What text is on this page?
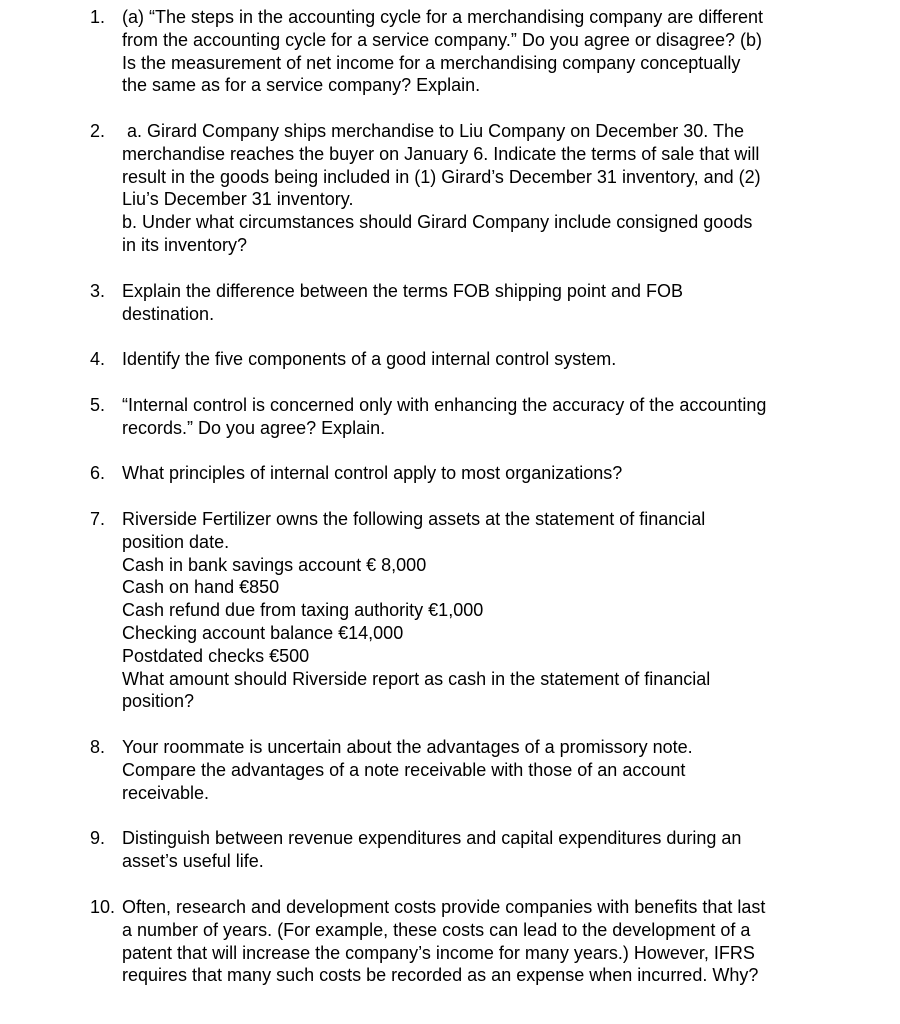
1. (a) “The steps in the accounting cycle for a merchandising company are different
from the accounting cycle for a service company.” Do you agree or disagree? (b)
Is the measurement of net income for a merchandising company conceptually
the same as for a service company? Explain.
2. a. Girard Company ships merchandise to Liu Company on December 30. The
merchandise reaches the buyer on January 6. Indicate the terms of sale that will
result in the goods being included in (1) Girard’s December 31 inventory, and (2)
Liu’s December 31 inventory.
b. Under what circumstances should Girard Company include consigned goods
in its inventory?
3. Explain the difference between the terms FOB shipping point and FOB
destination.
4. Identify the five components of a good internal control system.
5. “Internal control is concerned only with enhancing the accuracy of the accounting
records.” Do you agree? Explain.
6. What principles of internal control apply to most organizations?
7. Riverside Fertilizer owns the following assets at the statement of financial
position date.
Cash in bank savings account € 8,000
Cash on hand €850
Cash refund due from taxing authority €1,000
Checking account balance €14,000
Postdated checks €500
What amount should Riverside report as cash in the statement of financial
position?
8. Your roommate is uncertain about the advantages of a promissory note.
Compare the advantages of a note receivable with those of an account
receivable.
9. Distinguish between revenue expenditures and capital expenditures during an
asset’s useful life.
10. Often, research and development costs provide companies with benefits that last
a number of years. (For example, these costs can lead to the development of a
patent that will increase the company’s income for many years.) However, IFRS
requires that many such costs be recorded as an expense when incurred. Why?
